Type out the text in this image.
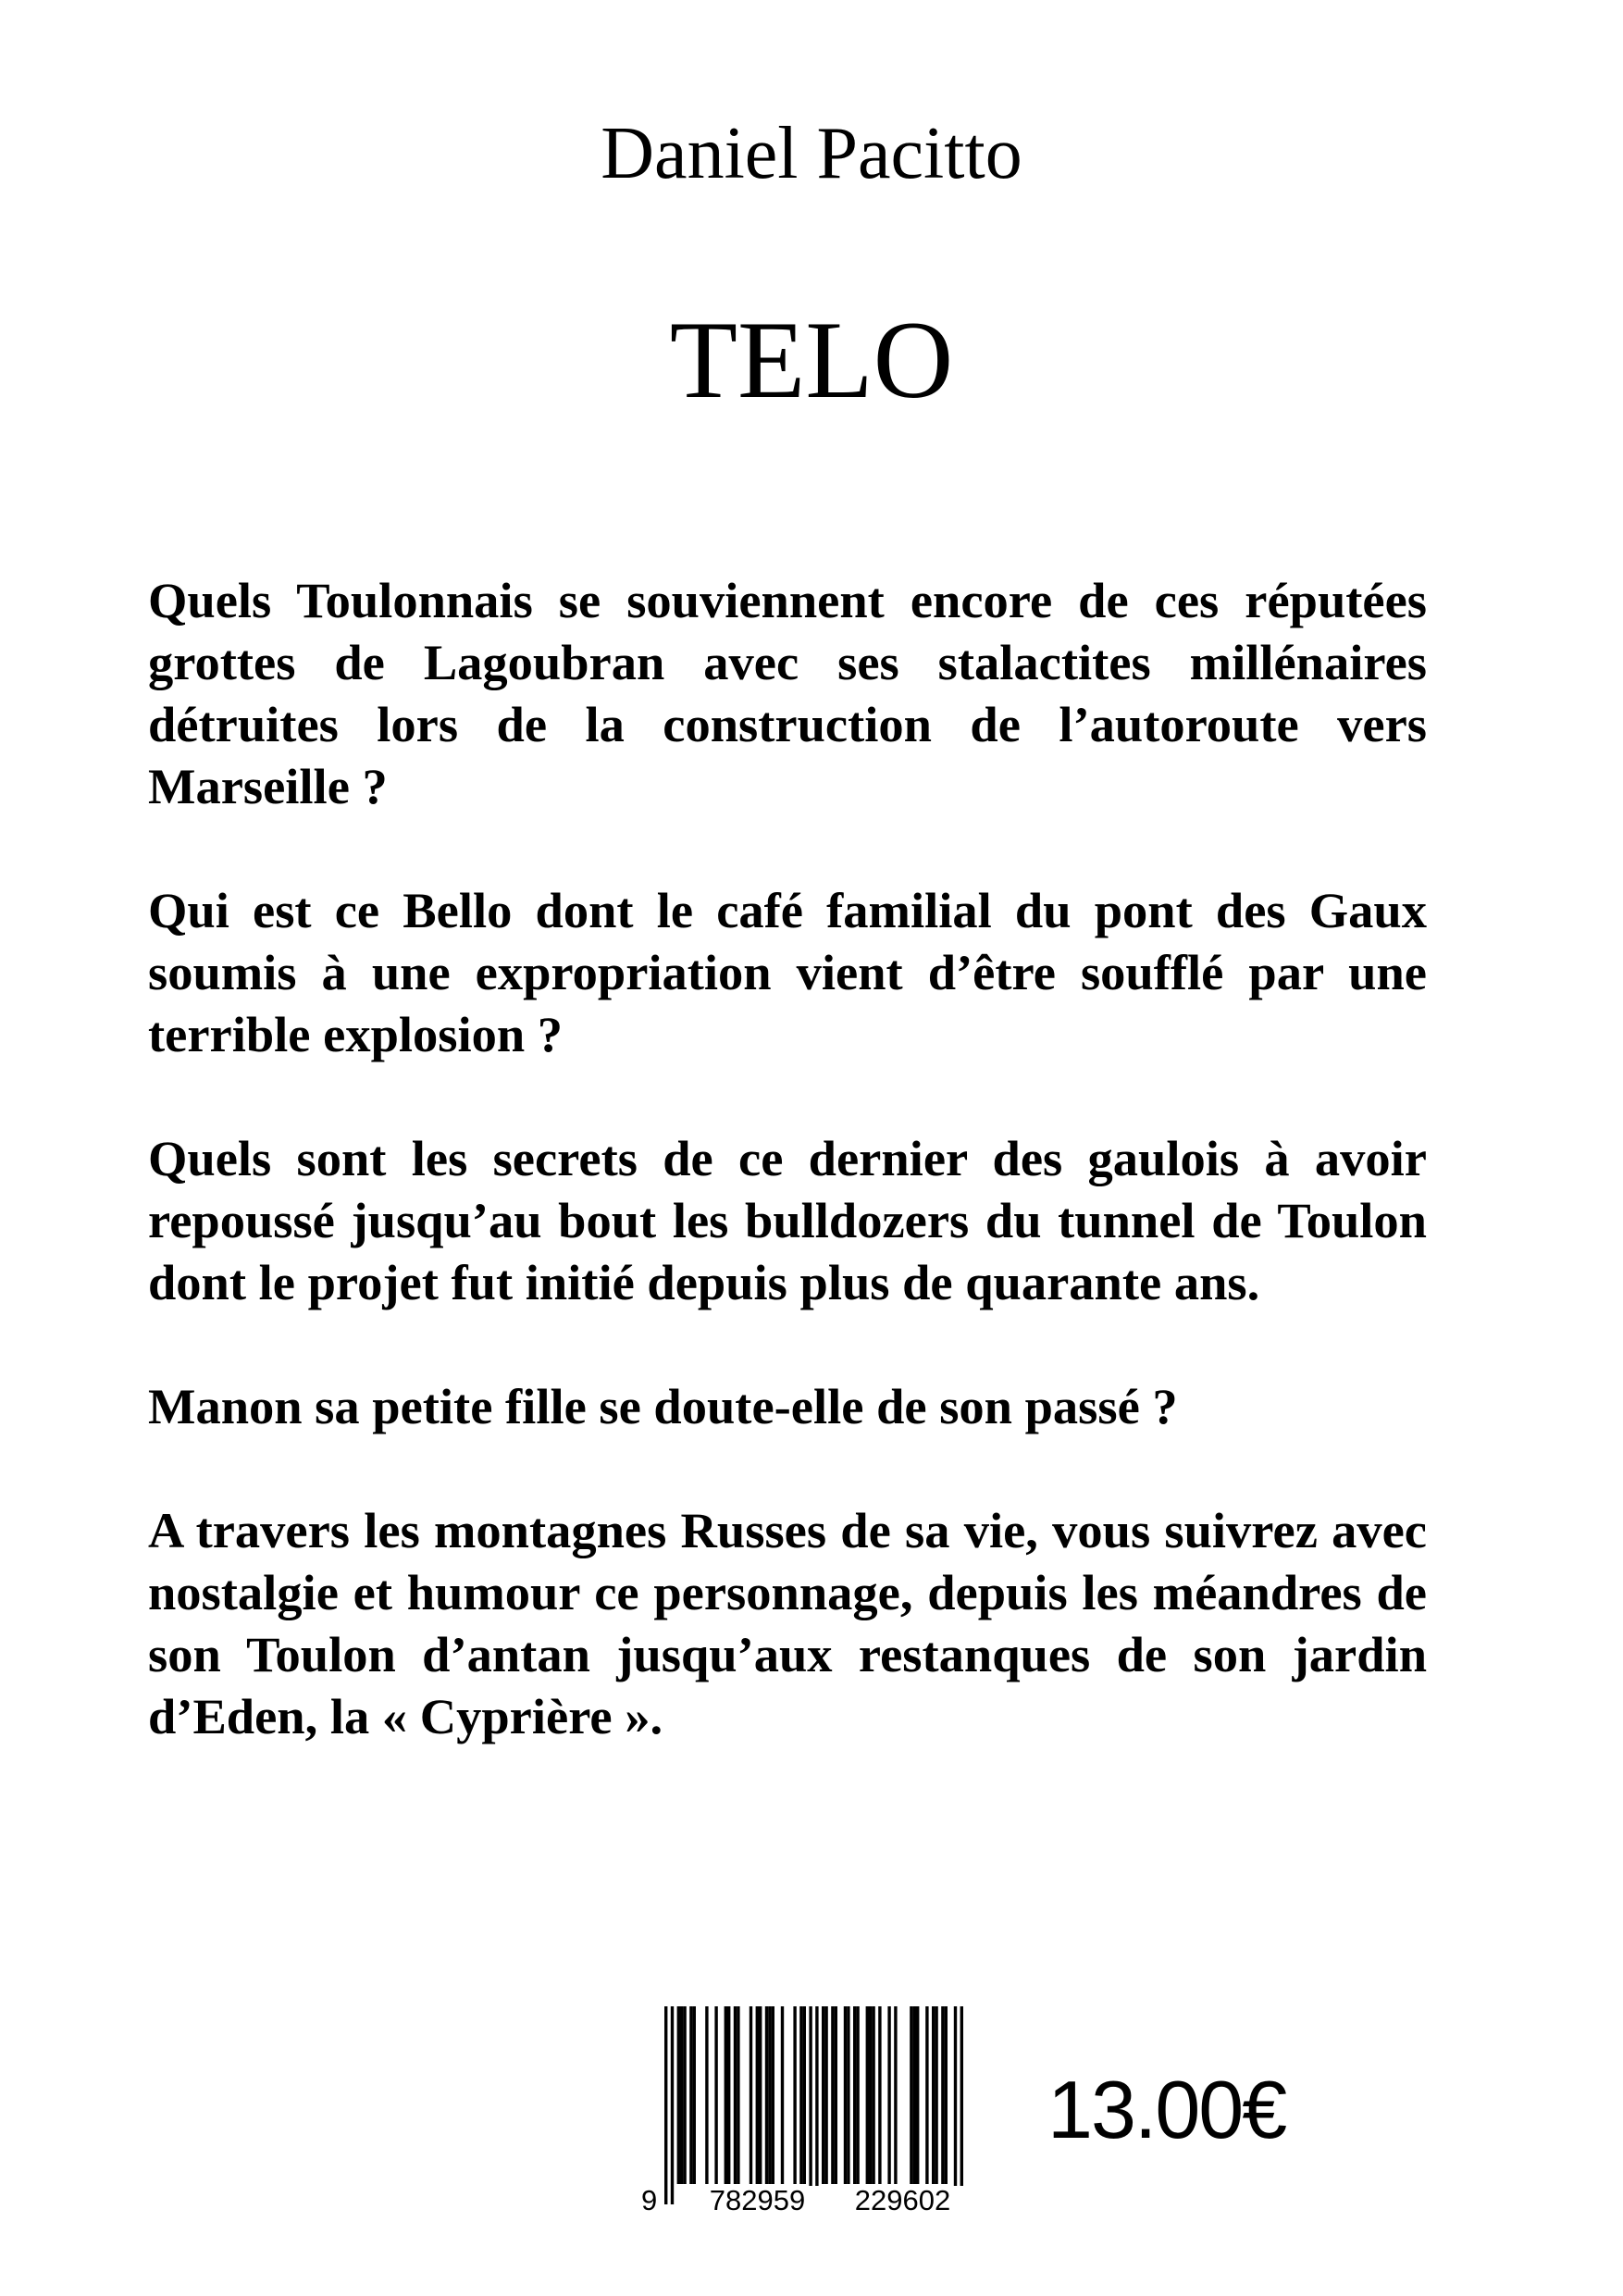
Daniel Pacitto
TELO

Quels Toulonnais se souviennent encore de ces réputées grottes de Lagoubran avec ses stalactites millénaires détruites lors de la construction de l’autoroute vers Marseille ?

Qui est ce Bello dont le café familial du pont des Gaux soumis à une expropriation vient d’être soufflé par une terrible explosion ?

Quels sont les secrets de ce dernier des gaulois à avoir repoussé jusqu’au bout les bulldozers du tunnel de Toulon dont le projet fut initié depuis plus de quarante ans.

Manon sa petite fille se doute-elle de son passé ?

A travers les montagnes Russes de sa vie, vous suivrez avec nostalgie et humour ce personnage, depuis les méandres de son Toulon d’antan jusqu’aux restanques de son jardin d’Eden, la « Cyprière ».

9	782959	229602
13.00€
